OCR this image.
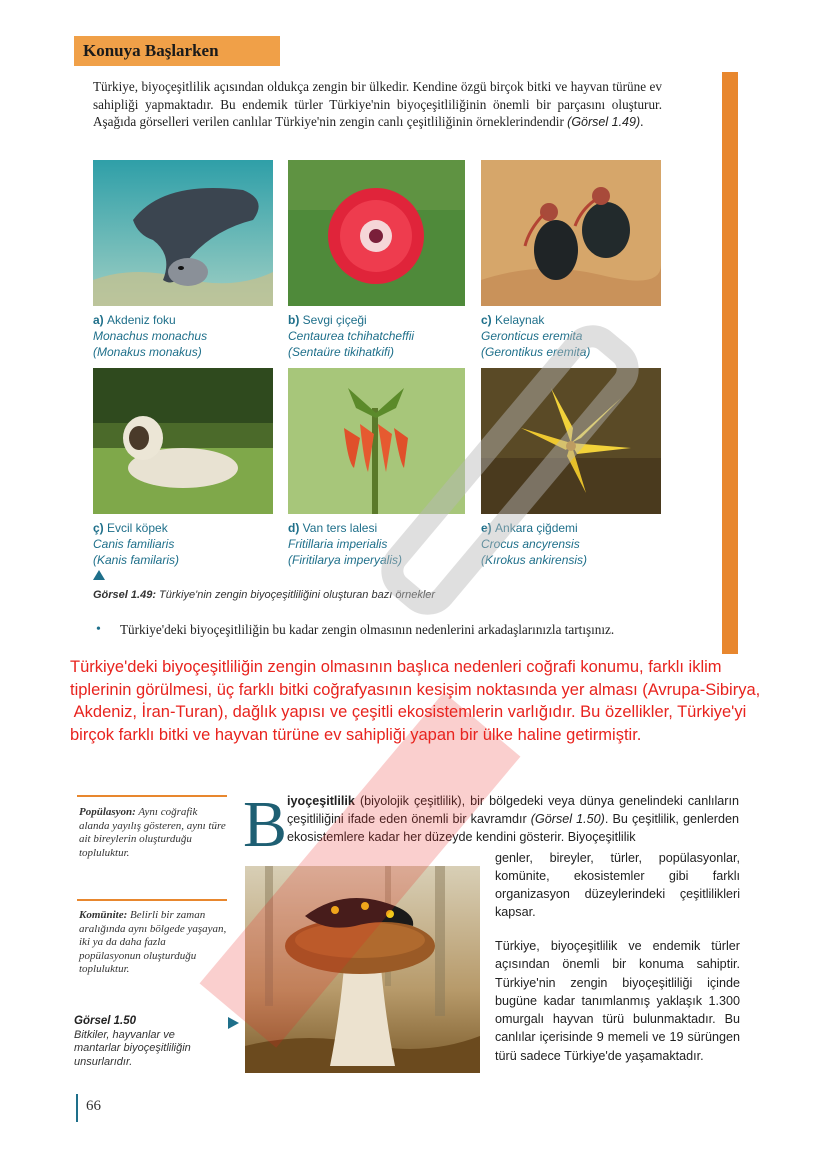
Konuya Başlarken
Türkiye, biyoçeşitlilik açısından oldukça zengin bir ülkedir. Kendine özgü birçok bitki ve hayvan türüne ev sahipliği yapmaktadır. Bu endemik türler Türkiye'nin biyoçeşitliliğinin önemli bir parçasını oluşturur. Aşağıda görselleri verilen canlılar Türkiye'nin zengin canlı çeşitliliğinin örneklerindendir (Görsel 1.49).
a) Akdeniz foku
Monachus monachus
(Monakus monakus)
b) Sevgi çiçeği
Centaurea tchihatcheffii
(Sentaüre tikihatkifi)
c) Kelaynak
Geronticus eremita
(Gerontikus eremita)
ç) Evcil köpek
Canis familiaris
(Kanis familaris)
d) Van ters lalesi
Fritillaria imperialis
(Firitilarya imperyalis)
e) Ankara çiğdemi
Crocus ancyrensis
(Kırokus ankirensis)
Görsel 1.49: Türkiye'nin zengin biyoçeşitliliğini oluşturan bazı örnekler
•	Türkiye'deki biyoçeşitliliğin bu kadar zengin olmasının nedenlerini arkadaşlarınızla tartışınız.
Türkiye'deki biyoçeşitliliğin zengin olmasının başlıca nedenleri coğrafi konumu, farklı iklim
tiplerinin görülmesi, üç farklı bitki coğrafyasının kesişim noktasında yer alması (Avrupa-Sibirya,
Akdeniz, İran-Turan), dağlık yapısı ve çeşitli ekosistemlerin varlığıdır. Bu özellikler, Türkiye'yi
birçok farklı bitki ve hayvan türüne ev sahipliği yapan bir ülke haline getirmiştir.
Popülasyon: Aynı coğrafik alanda yayılış gösteren, aynı türe ait bireylerin oluşturduğu topluluktur.
Komünite: Belirli bir zaman aralığında aynı bölgede yaşayan, iki ya da daha fazla popülasyonun oluşturduğu topluluktur.
Görsel 1.50
Bitkiler, hayvanlar ve mantarlar biyoçeşitliliğin unsurlarıdır.
B iyoçeşitlilik (biyolojik çeşitlilik), bir bölgedeki veya dünya genelindeki canlıların çeşitliliğini ifade eden önemli bir kavramdır (Görsel 1.50). Bu çeşitlilik, genlerden ekosistemlere kadar her düzeyde kendini gösterir. Biyoçeşitlilik
genler, bireyler, türler, popülasyonlar, komünite, ekosistemler gibi farklı organizasyon düzeylerindeki çeşitlilikleri kapsar.
Türkiye, biyoçeşitlilik ve endemik türler açısından önemli bir konuma sahiptir. Türkiye'nin zengin biyoçeşitliliği içinde bugüne kadar tanımlanmış yaklaşık 1.300 omurgalı hayvan türü bulunmaktadır. Bu canlılar içerisinde 9 memeli ve 19 sürüngen türü sadece Türkiye'de yaşamaktadır.
66
